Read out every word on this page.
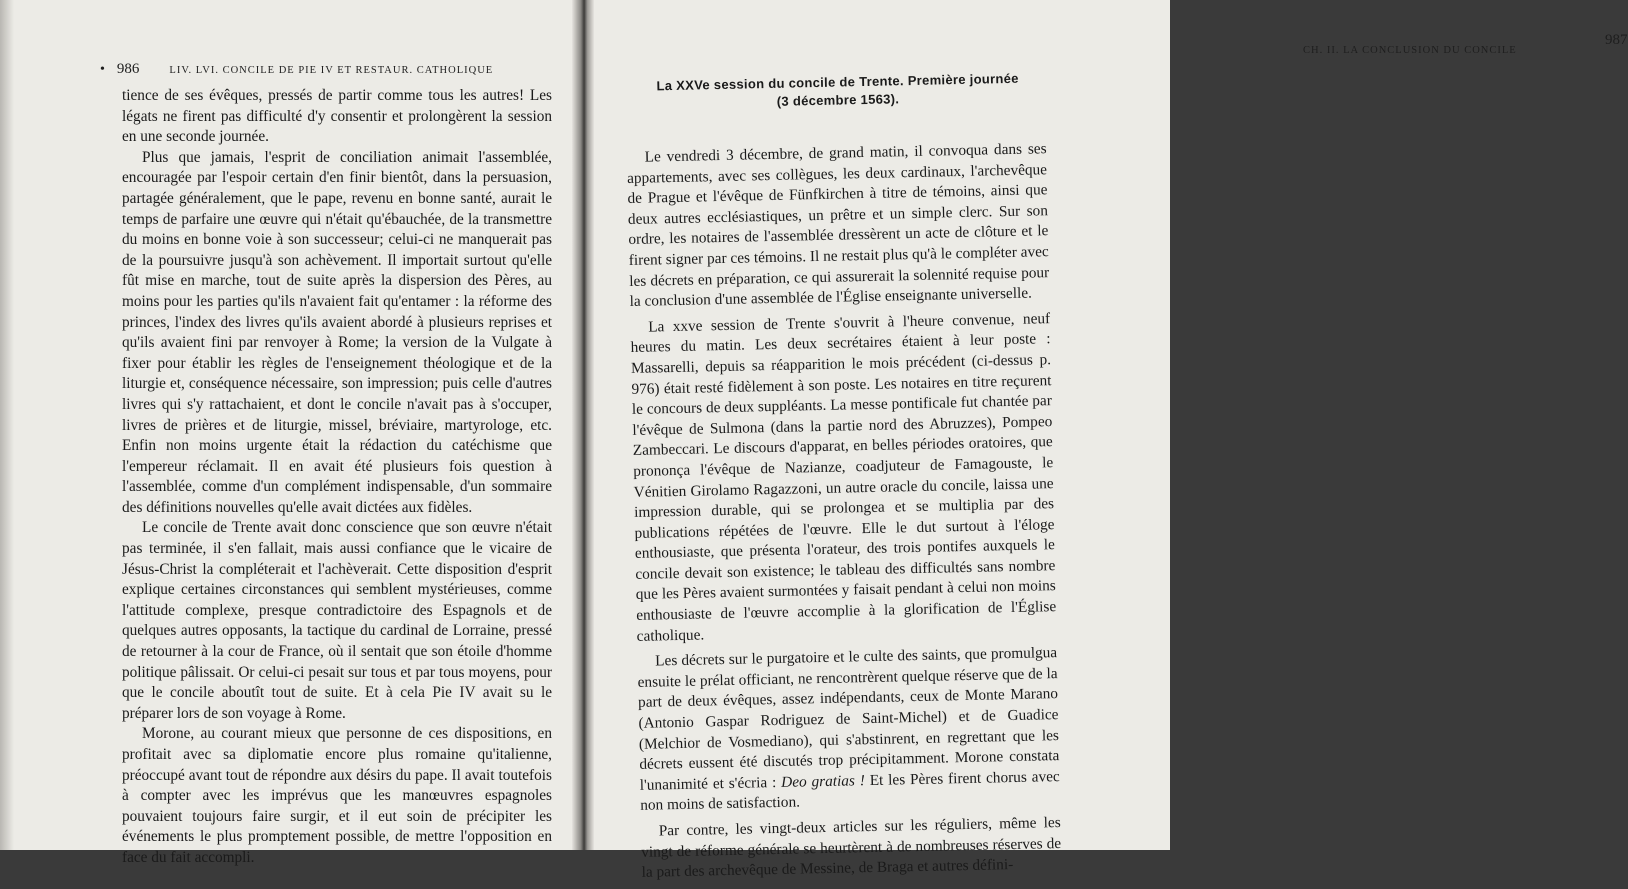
• 986	LIV. LVI. CONCILE DE PIE IV ET RESTAUR. CATHOLIQUE

tience de ses évêques, pressés de partir comme tous les autres! Les légats ne firent pas difficulté d'y consentir et prolongèrent la session en une seconde journée.

Plus que jamais, l'esprit de conciliation animait l'assemblée, encouragée par l'espoir certain d'en finir bientôt, dans la persuasion, partagée généralement, que le pape, revenu en bonne santé, aurait le temps de parfaire une œuvre qui n'était qu'ébauchée, de la transmettre du moins en bonne voie à son successeur; celui-ci ne manquerait pas de la poursuivre jusqu'à son achèvement. Il importait surtout qu'elle fût mise en marche, tout de suite après la dispersion des Pères, au moins pour les parties qu'ils n'avaient fait qu'entamer : la réforme des princes, l'index des livres qu'ils avaient abordé à plusieurs reprises et qu'ils avaient fini par renvoyer à Rome; la version de la Vulgate à fixer pour établir les règles de l'enseignement théologique et de la liturgie et, conséquence nécessaire, son impression; puis celle d'autres livres qui s'y rattachaient, et dont le concile n'avait pas à s'occuper, livres de prières et de liturgie, missel, bréviaire, martyrologe, etc. Enfin non moins urgente était la rédaction du catéchisme que l'empereur réclamait. Il en avait été plusieurs fois question à l'assemblée, comme d'un complément indispensable, d'un sommaire des définitions nouvelles qu'elle avait dictées aux fidèles.

Le concile de Trente avait donc conscience que son œuvre n'était pas terminée, il s'en fallait, mais aussi confiance que le vicaire de Jésus-Christ la compléterait et l'achèverait. Cette disposition d'esprit explique certaines circonstances qui semblent mystérieuses, comme l'attitude complexe, presque contradictoire des Espagnols et de quelques autres opposants, la tactique du cardinal de Lorraine, pressé de retourner à la cour de France, où il sentait que son étoile d'homme politique pâlissait. Or celui-ci pesait sur tous et par tous moyens, pour que le concile aboutît tout de suite. Et à cela Pie IV avait su le préparer lors de son voyage à Rome.

Morone, au courant mieux que personne de ces dispositions, en profitait avec sa diplomatie encore plus romaine qu'italienne, préoccupé avant tout de répondre aux désirs du pape. Il avait toutefois à compter avec les imprévus que les manœuvres espagnoles pouvaient toujours faire surgir, et il eut soin de précipiter les événements le plus promptement possible, de mettre l'opposition en face du fait accompli.

CH. II. LA CONCLUSION DU CONCILE
987
La XXVe session du concile de Trente. Première journée
(3 décembre 1563).

Le vendredi 3 décembre, de grand matin, il convoqua dans ses appartements, avec ses collègues, les deux cardinaux, l'archevêque de Prague et l'évêque de Fünfkirchen à titre de témoins, ainsi que deux autres ecclésiastiques, un prêtre et un simple clerc. Sur son ordre, les notaires de l'assemblée dressèrent un acte de clôture et le firent signer par ces témoins. Il ne restait plus qu'à le compléter avec les décrets en préparation, ce qui assurerait la solennité requise pour la conclusion d'une assemblée de l'Église enseignante universelle.

La xxve session de Trente s'ouvrit à l'heure convenue, neuf heures du matin. Les deux secrétaires étaient à leur poste : Massarelli, depuis sa réapparition le mois précédent (ci-dessus p. 976) était resté fidèlement à son poste. Les notaires en titre reçurent le concours de deux suppléants. La messe pontificale fut chantée par l'évêque de Sulmona (dans la partie nord des Abruzzes), Pompeo Zambeccari. Le discours d'apparat, en belles périodes oratoires, que prononça l'évêque de Nazianze, coadjuteur de Famagouste, le Vénitien Girolamo Ragazzoni, un autre oracle du concile, laissa une impression durable, qui se prolongea et se multiplia par des publications répétées de l'œuvre. Elle le dut surtout à l'éloge enthousiaste, que présenta l'orateur, des trois pontifes auxquels le concile devait son existence; le tableau des difficultés sans nombre que les Pères avaient surmontées y faisait pendant à celui non moins enthousiaste de l'œuvre accomplie à la glorification de l'Église catholique.

Les décrets sur le purgatoire et le culte des saints, que promulgua ensuite le prélat officiant, ne rencontrèrent quelque réserve que de la part de deux évêques, assez indépendants, ceux de Monte Marano (Antonio Gaspar Rodriguez de Saint-Michel) et de Guadice (Melchior de Vosmediano), qui s'abstinrent, en regrettant que les décrets eussent été discutés trop précipitamment. Morone constata l'unanimité et s'écria : Deo gratias ! Et les Pères firent chorus avec non moins de satisfaction.

Par contre, les vingt-deux articles sur les réguliers, même les vingt de réforme générale se heurtèrent à de nombreuses réserves de la part des archevêque de Messine, de Braga et autres défini-
